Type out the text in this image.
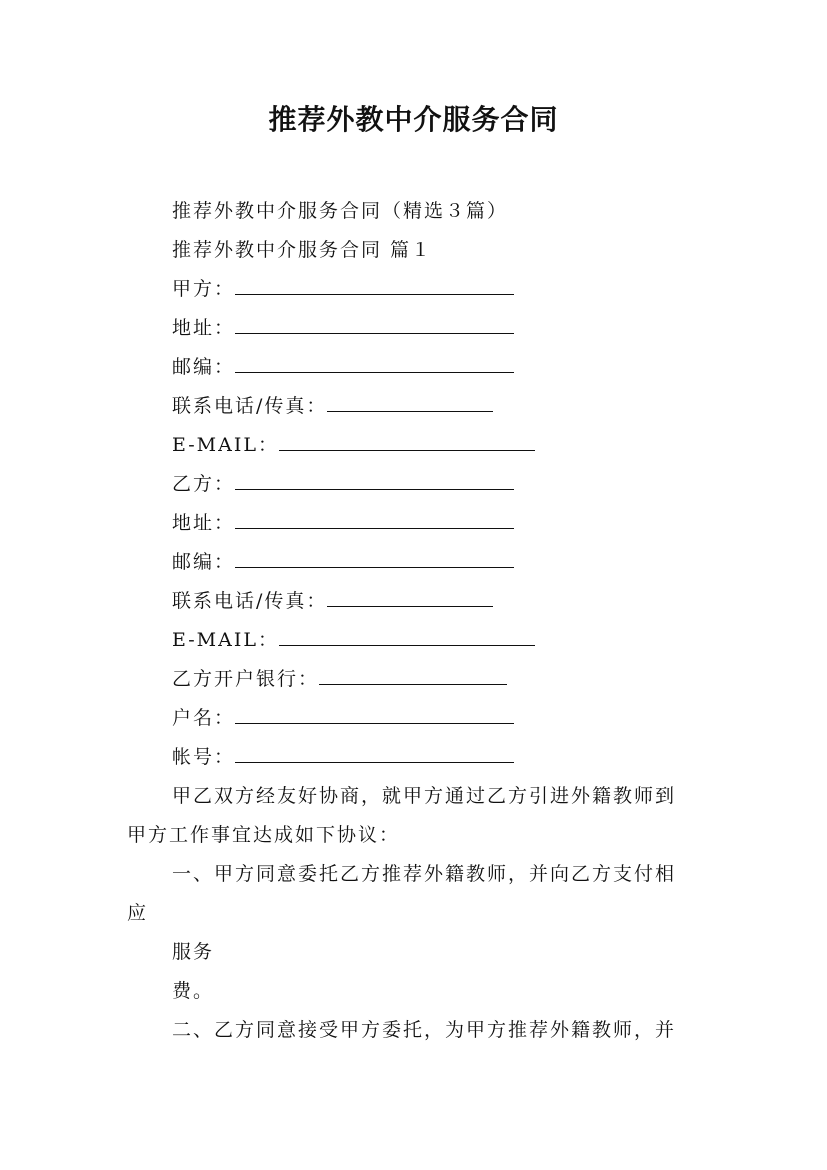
推荐外教中介服务合同
推荐外教中介服务合同（精选３篇）
推荐外教中介服务合同 篇１
甲方：
地址：
邮编：
联系电话/传真：
E-MAIL：
乙方：
地址：
邮编：
联系电话/传真：
E-MAIL：
乙方开户银行：
户名：
帐号：
甲乙双方经友好协商，就甲方通过乙方引进外籍教师到
甲方工作事宜达成如下协议：
一、甲方同意委托乙方推荐外籍教师，并向乙方支付相
应
服务
费。
二、乙方同意接受甲方委托，为甲方推荐外籍教师，并
